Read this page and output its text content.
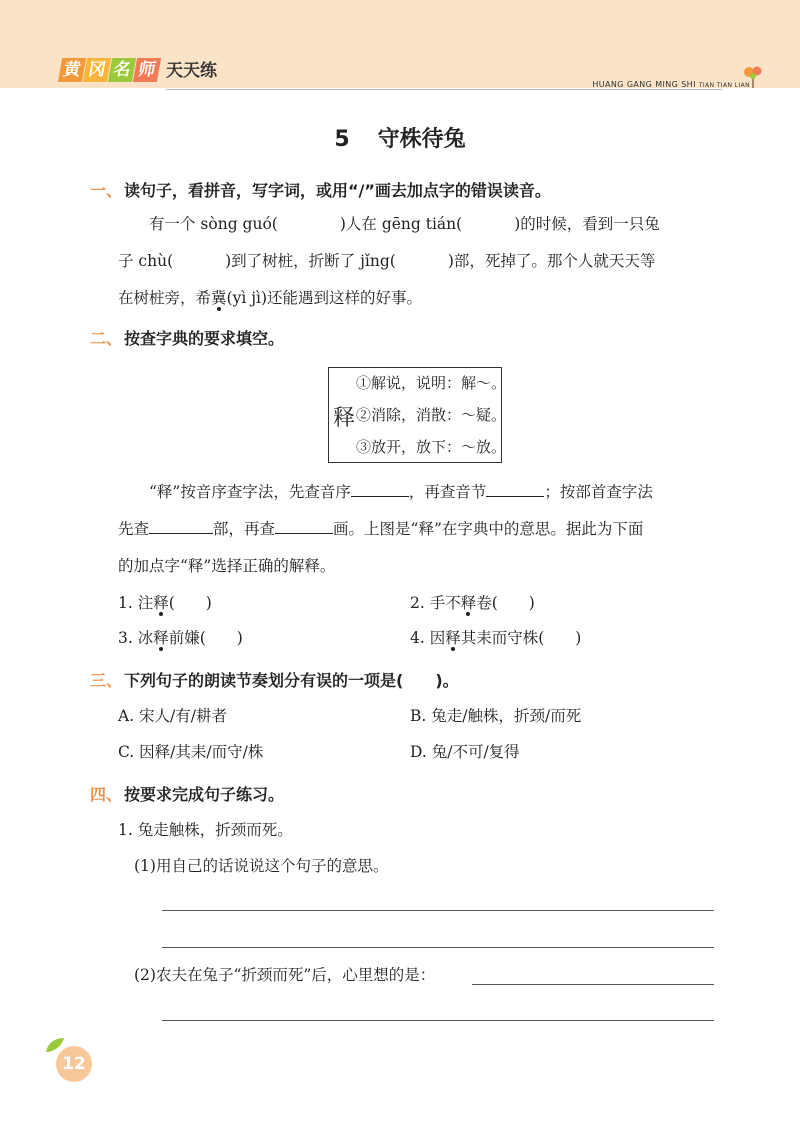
黄 冈 名 师 天天练
HUANG GANG MING SHI TIAN TIAN LIAN
5 守株待兔
一、 读句子，看拼音，写字词，或用“/”画去加点字的错误读音。
有一个 sòng guó(	)人在 gēng tián(	)的时候，看到一只兔
子 chù(	)到了树桩，折断了 jǐng(	)部，死掉了。那个人就天天等
在树桩旁，希冀(yì jì)还能遇到这样的好事。
二、 按查字典的要求填空。
释
①解说，说明：解～。
②消除，消散：～疑。
③放开，放下：～放。
“释”按音序查字法，先查音序	，再查音节	；按部首查字法
先查	部，再查	画。上图是“释”在字典中的意思。据此为下面
的加点字“释”选择正确的解释。
1. 注释(　　)	2. 手不释卷(　　)
3. 冰释前嫌(　　)	4. 因释其耒而守株(　　)
三、 下列句子的朗读节奏划分有误的一项是(　　)。
A. 宋人/有/耕者	B. 兔走/触株，折颈/而死
C. 因释/其耒/而守/株	D. 兔/不可/复得
四、 按要求完成句子练习。
1. 兔走触株，折颈而死。
(1)用自己的话说说这个句子的意思。
(2)农夫在兔子“折颈而死”后，心里想的是：
12
